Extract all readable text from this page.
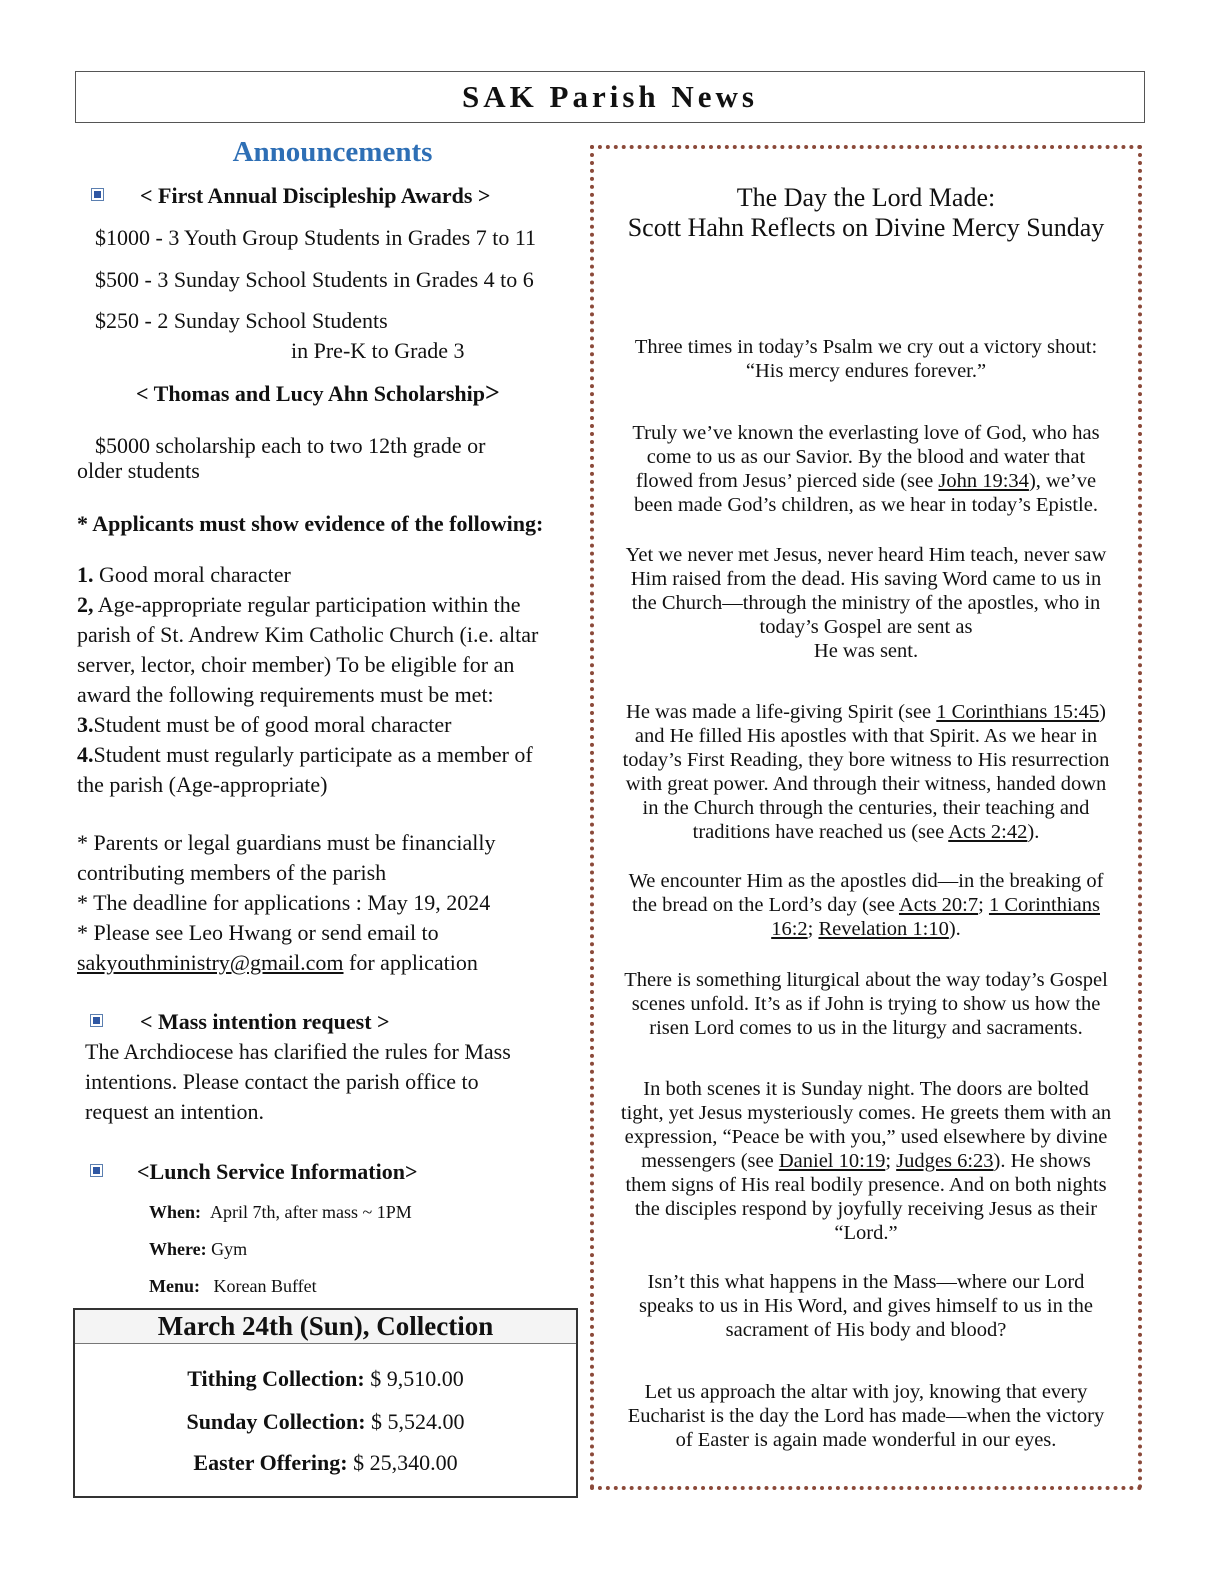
SAK Parish News
Announcements
< First Annual Discipleship Awards >
$1000 - 3 Youth Group Students in Grades 7 to 11
$500 - 3 Sunday School Students in Grades 4 to 6
$250 - 2 Sunday School Students
in Pre-K to Grade 3
< Thomas and Lucy Ahn Scholarship>
$5000 scholarship each to two 12th grade or
older students
* Applicants must show evidence of the following:
1. Good moral character
2, Age-appropriate regular participation within the
parish of St. Andrew Kim Catholic Church (i.e. altar
server, lector, choir member) To be eligible for an
award the following requirements must be met:
3.Student must be of good moral character
4.Student must regularly participate as a member of
the parish (Age-appropriate)
* Parents or legal guardians must be financially
contributing members of the parish
* The deadline for applications : May 19, 2024
* Please see Leo Hwang or send email to
sakyouthministry@gmail.com for application
< Mass intention request >
The Archdiocese has clarified the rules for Mass
intentions. Please contact the parish office to
request an intention.
<Lunch Service Information>
When: April 7th, after mass ~ 1PM
Where: Gym
Menu: Korean Buffet
March 24th (Sun), Collection
Tithing Collection: $ 9,510.00
Sunday Collection: $ 5,524.00
Easter Offering: $ 25,340.00
The Day the Lord Made:
Scott Hahn Reflects on Divine Mercy Sunday
Three times in today’s Psalm we cry out a victory shout:
“His mercy endures forever.”
Truly we’ve known the everlasting love of God, who has
come to us as our Savior. By the blood and water that
flowed from Jesus’ pierced side (see John 19:34), we’ve
been made God’s children, as we hear in today’s Epistle.
Yet we never met Jesus, never heard Him teach, never saw
Him raised from the dead. His saving Word came to us in
the Church—through the ministry of the apostles, who in
today’s Gospel are sent as
He was sent.
He was made a life-giving Spirit (see 1 Corinthians 15:45)
and He filled His apostles with that Spirit. As we hear in
today’s First Reading, they bore witness to His resurrection
with great power. And through their witness, handed down
in the Church through the centuries, their teaching and
traditions have reached us (see Acts 2:42).
We encounter Him as the apostles did—in the breaking of
the bread on the Lord’s day (see Acts 20:7; 1 Corinthians
16:2; Revelation 1:10).
There is something liturgical about the way today’s Gospel
scenes unfold. It’s as if John is trying to show us how the
risen Lord comes to us in the liturgy and sacraments.
In both scenes it is Sunday night. The doors are bolted
tight, yet Jesus mysteriously comes. He greets them with an
expression, “Peace be with you,” used elsewhere by divine
messengers (see Daniel 10:19; Judges 6:23). He shows
them signs of His real bodily presence. And on both nights
the disciples respond by joyfully receiving Jesus as their
“Lord.”
Isn’t this what happens in the Mass—where our Lord
speaks to us in His Word, and gives himself to us in the
sacrament of His body and blood?
Let us approach the altar with joy, knowing that every
Eucharist is the day the Lord has made—when the victory
of Easter is again made wonderful in our eyes.
